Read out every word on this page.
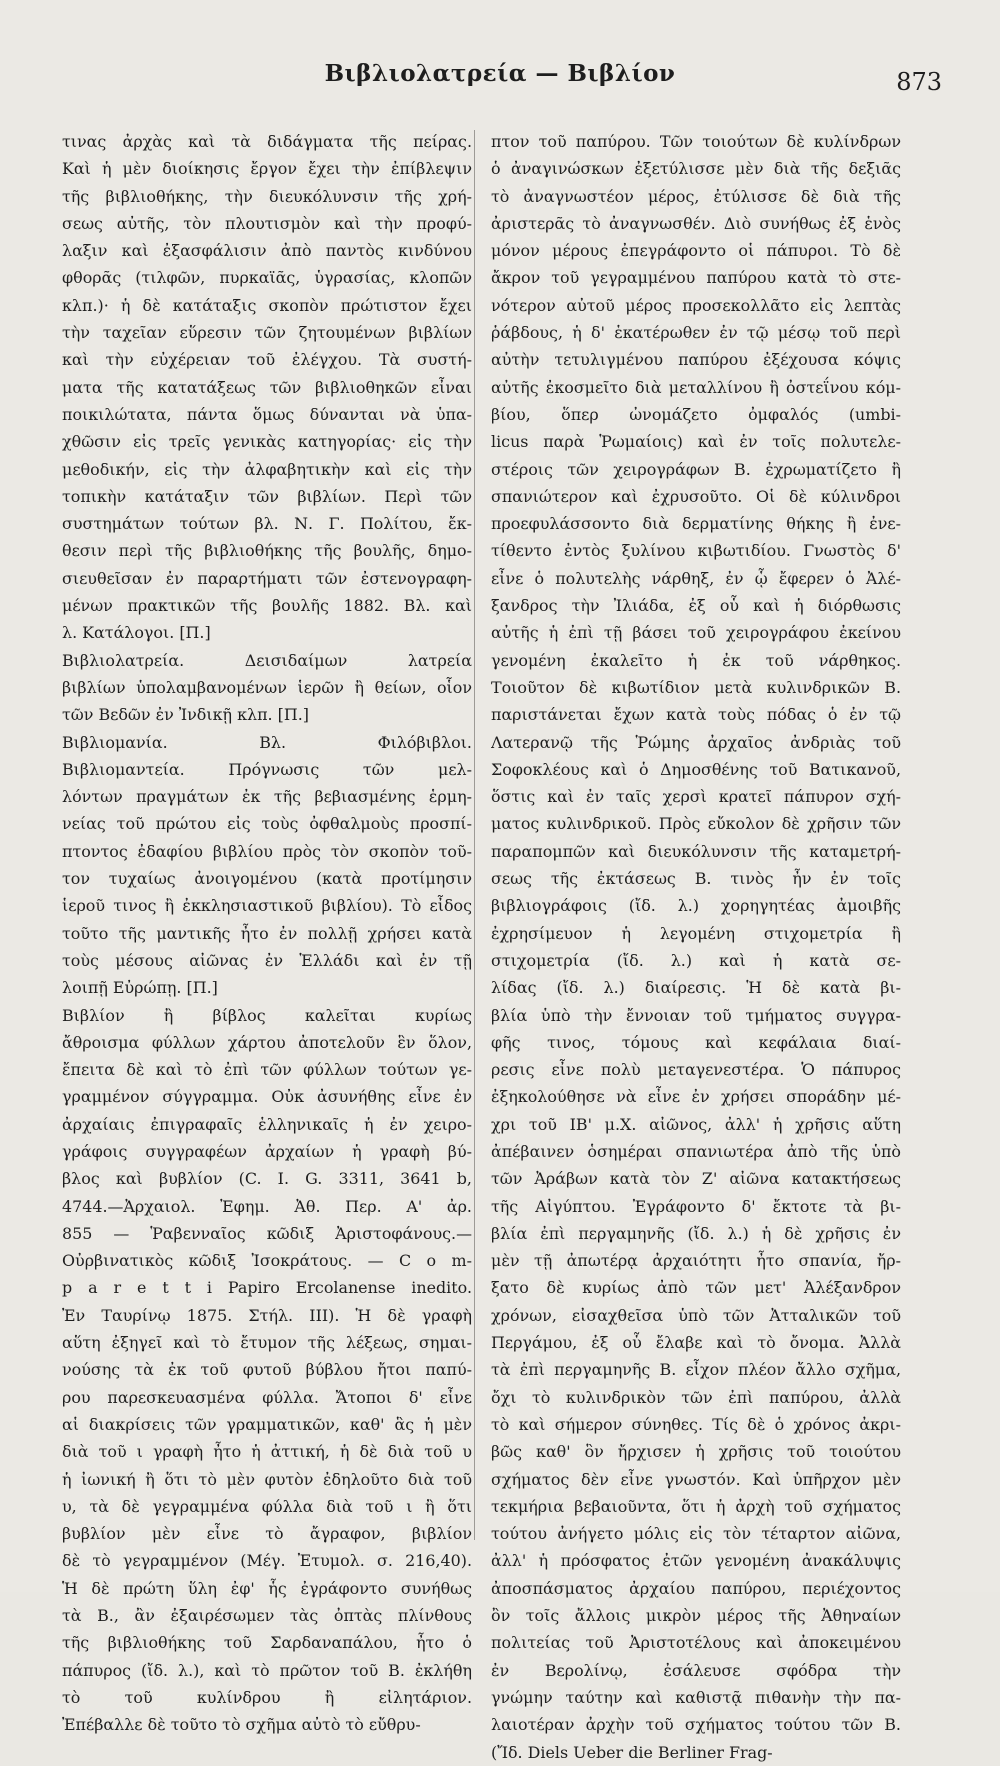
Βιβλιολατρεία — Βιβλίον	873
τινας ἀρχὰς καὶ τὰ διδάγματα τῆς πείρας.
Καὶ ἡ μὲν διοίκησις ἔργον ἔχει τὴν ἐπίβλεψιν
τῆς βιβλιοθήκης, τὴν διευκόλυνσιν τῆς χρή-
σεως αὐτῆς, τὸν πλουτισμὸν καὶ τὴν προφύ-
λαξιν καὶ ἐξασφάλισιν ἀπὸ παντὸς κινδύνου
φθορᾶς (τιλφῶν, πυρκαϊᾶς, ὑγρασίας, κλοπῶν
κλπ.)· ἡ δὲ κατάταξις σκοπὸν πρώτιστον ἔχει
τὴν ταχεῖαν εὕρεσιν τῶν ζητουμένων βιβλίων
καὶ τὴν εὐχέρειαν τοῦ ἐλέγχου. Τὰ συστή-
ματα τῆς κατατάξεως τῶν βιβλιοθηκῶν εἶναι
ποικιλώτατα, πάντα ὅμως δύνανται νὰ ὑπα-
χθῶσιν εἰς τρεῖς γενικὰς κατηγορίας· εἰς τὴν
μεθοδικήν, εἰς τὴν ἀλφαβητικὴν καὶ εἰς τὴν
τοπικὴν κατάταξιν τῶν βιβλίων. Περὶ τῶν
συστημάτων τούτων βλ. Ν. Γ. Πολίτου, ἔκ-
θεσιν περὶ τῆς βιβλιοθήκης τῆς βουλῆς, δημο-
σιευθεῖσαν ἐν παραρτήματι τῶν ἐστενογραφη-
μένων πρακτικῶν τῆς βουλῆς 1882. Βλ. καὶ
λ. Κατάλογοι. [Π.]
Βιβλιολατρεία. Δεισιδαίμων λατρεία
βιβλίων ὑπολαμβανομένων ἱερῶν ἢ θείων, οἷον
τῶν Βεδῶν ἐν Ἰνδικῇ κλπ. [Π.]
Βιβλιομανία. Βλ. Φιλόβιβλοι.
Βιβλιομαντεία. Πρόγνωσις τῶν μελ-
λόντων πραγμάτων ἐκ τῆς βεβιασμένης ἑρμη-
νείας τοῦ πρώτου εἰς τοὺς ὀφθαλμοὺς προσπί-
πτοντος ἐδαφίου βιβλίου πρὸς τὸν σκοπὸν τοῦ-
τον τυχαίως ἀνοιγομένου (κατὰ προτίμησιν
ἱεροῦ τινος ἢ ἐκκλησιαστικοῦ βιβλίου). Τὸ εἶδος
τοῦτο τῆς μαντικῆς ἦτο ἐν πολλῇ χρήσει κατὰ
τοὺς μέσους αἰῶνας ἐν Ἑλλάδι καὶ ἐν τῇ
λοιπῇ Εὐρώπῃ. [Π.]
Βιβλίον ἢ βίβλος καλεῖται κυρίως
ἄθροισμα φύλλων χάρτου ἀποτελοῦν ἓν ὅλον,
ἔπειτα δὲ καὶ τὸ ἐπὶ τῶν φύλλων τούτων γε-
γραμμένον σύγγραμμα. Οὐκ ἀσυνήθης εἶνε ἐν
ἀρχαίαις ἐπιγραφαῖς ἑλληνικαῖς ἡ ἐν χειρο-
γράφοις συγγραφέων ἀρχαίων ἡ γραφὴ βύ-
βλος καὶ βυβλίον (C. I. G. 3311, 3641 b,
4744.—Ἀρχαιολ. Ἐφημ. Ἀθ. Περ. Α' ἀρ.
855 — Ῥαβενναῖος κῶδιξ Ἀριστοφάνους.—
Οὐρβινατικὸς κῶδιξ Ἰσοκράτους. — C o m-
p a r e t t i Papiro Ercolanense inedito.
Ἐν Ταυρίνῳ 1875. Στήλ. ΙΙΙ). Ἡ δὲ γραφὴ
αὕτη ἐξηγεῖ καὶ τὸ ἔτυμον τῆς λέξεως, σημαι-
νούσης τὰ ἐκ τοῦ φυτοῦ βύβλου ἤτοι παπύ-
ρου παρεσκευασμένα φύλλα. Ἄτοποι δ' εἶνε
αἱ διακρίσεις τῶν γραμματικῶν, καθ' ἃς ἡ μὲν
διὰ τοῦ ι γραφὴ ἦτο ἡ ἀττική, ἡ δὲ διὰ τοῦ υ
ἡ ἰωνική ἢ ὅτι τὸ μὲν φυτὸν ἐδηλοῦτο διὰ τοῦ
υ, τὰ δὲ γεγραμμένα φύλλα διὰ τοῦ ι ἢ ὅτι
βυβλίον μὲν εἶνε τὸ ἄγραφον, βιβλίον
δὲ τὸ γεγραμμένον (Μέγ. Ἐτυμολ. σ. 216,40).
Ἡ δὲ πρώτη ὕλη ἐφ' ἧς ἐγράφοντο συνήθως
τὰ Β., ἂν ἐξαιρέσωμεν τὰς ὀπτὰς πλίνθους
τῆς βιβλιοθήκης τοῦ Σαρδαναπάλου, ἦτο ὁ
πάπυρος (ἴδ. λ.), καὶ τὸ πρῶτον τοῦ Β. ἐκλήθη
τὸ τοῦ κυλίνδρου ἢ εἰλητάριον.
Ἐπέβαλλε δὲ τοῦτο τὸ σχῆμα αὐτὸ τὸ εὔθρυ-
πτον τοῦ παπύρου. Τῶν τοιούτων δὲ κυλίνδρων
ὁ ἀναγινώσκων ἐξετύλισσε μὲν διὰ τῆς δεξιᾶς
τὸ ἀναγνωστέον μέρος, ἐτύλισσε δὲ διὰ τῆς
ἀριστερᾶς τὸ ἀναγνωσθέν. Διὸ συνήθως ἐξ ἑνὸς
μόνον μέρους ἐπεγράφοντο οἱ πάπυροι. Τὸ δὲ
ἄκρον τοῦ γεγραμμένου παπύρου κατὰ τὸ στε-
νότερον αὐτοῦ μέρος προσεκολλᾶτο εἰς λεπτὰς
ῥάβδους, ἡ δ' ἑκατέρωθεν ἐν τῷ μέσῳ τοῦ περὶ
αὐτὴν τετυλιγμένου παπύρου ἐξέχουσα κόψις
αὐτῆς ἐκοσμεῖτο διὰ μεταλλίνου ἢ ὀστεΐνου κόμ-
βίου, ὅπερ ὠνομάζετο ὀμφαλός (umbi-
licus παρὰ Ῥωμαίοις) καὶ ἐν τοῖς πολυτελε-
στέροις τῶν χειρογράφων Β. ἐχρωματίζετο ἢ
σπανιώτερον καὶ ἐχρυσοῦτο. Οἱ δὲ κύλινδροι
προεφυλάσσοντο διὰ δερματίνης θήκης ἢ ἐνε-
τίθεντο ἐντὸς ξυλίνου κιβωτιδίου. Γνωστὸς δ'
εἶνε ὁ πολυτελὴς νάρθηξ, ἐν ᾧ ἔφερεν ὁ Ἀλέ-
ξανδρος τὴν Ἰλιάδα, ἐξ οὗ καὶ ἡ διόρθωσις
αὐτῆς ἡ ἐπὶ τῇ βάσει τοῦ χειρογράφου ἐκείνου
γενομένη ἐκαλεῖτο ἡ ἐκ τοῦ νάρθηκος.
Τοιοῦτον δὲ κιβωτίδιον μετὰ κυλινδρικῶν Β.
παριστάνεται ἔχων κατὰ τοὺς πόδας ὁ ἐν τῷ
Λατερανῷ τῆς Ῥώμης ἀρχαῖος ἀνδριὰς τοῦ
Σοφοκλέους καὶ ὁ Δημοσθένης τοῦ Βατικανοῦ,
ὅστις καὶ ἐν ταῖς χερσὶ κρατεῖ πάπυρον σχή-
ματος κυλινδρικοῦ. Πρὸς εὔκολον δὲ χρῆσιν τῶν
παραπομπῶν καὶ διευκόλυνσιν τῆς καταμετρή-
σεως τῆς ἐκτάσεως Β. τινὸς ἦν ἐν τοῖς
βιβλιογράφοις (ἴδ. λ.) χορηγητέας ἀμοιβῆς
ἐχρησίμευον ἡ λεγομένη στιχομετρία ἢ
στιχομετρία (ἴδ. λ.) καὶ ἡ κατὰ σε-
λίδας (ἴδ. λ.) διαίρεσις. Ἡ δὲ κατὰ βι-
βλία ὑπὸ τὴν ἔννοιαν τοῦ τμήματος συγγρα-
φῆς τινος, τόμους καὶ κεφάλαια διαί-
ρεσις εἶνε πολὺ μεταγενεστέρα. Ὁ πάπυρος
ἐξηκολούθησε νὰ εἶνε ἐν χρήσει σποράδην μέ-
χρι τοῦ ΙΒ' μ.Χ. αἰῶνος, ἀλλ' ἡ χρῆσις αὕτη
ἀπέβαινεν ὁσημέραι σπανιωτέρα ἀπὸ τῆς ὑπὸ
τῶν Ἀράβων κατὰ τὸν Ζ' αἰῶνα κατακτήσεως
τῆς Αἰγύπτου. Ἐγράφοντο δ' ἔκτοτε τὰ βι-
βλία ἐπὶ περγαμηνῆς (ἴδ. λ.) ἡ δὲ χρῆσις ἐν
μὲν τῇ ἀπωτέρᾳ ἀρχαιότητι ἦτο σπανία, ἤρ-
ξατο δὲ κυρίως ἀπὸ τῶν μετ' Ἀλέξανδρον
χρόνων, εἰσαχθεῖσα ὑπὸ τῶν Ἀτταλικῶν τοῦ
Περγάμου, ἐξ οὗ ἔλαβε καὶ τὸ ὄνομα. Ἀλλὰ
τὰ ἐπὶ περγαμηνῆς Β. εἶχον πλέον ἄλλο σχῆμα,
ὄχι τὸ κυλινδρικὸν τῶν ἐπὶ παπύρου, ἀλλὰ
τὸ καὶ σήμερον σύνηθες. Τίς δὲ ὁ χρόνος ἀκρι-
βῶς καθ' ὃν ἤρχισεν ἡ χρῆσις τοῦ τοιούτου
σχήματος δὲν εἶνε γνωστόν. Καὶ ὑπῆρχον μὲν
τεκμήρια βεβαιοῦντα, ὅτι ἡ ἀρχὴ τοῦ σχήματος
τούτου ἀνήγετο μόλις εἰς τὸν τέταρτον αἰῶνα,
ἀλλ' ἡ πρόσφατος ἐτῶν γενομένη ἀνακάλυψις
ἀποσπάσματος ἀρχαίου παπύρου, περιέχοντος
ὂν τοῖς ἄλλοις μικρὸν μέρος τῆς Ἀθηναίων
πολιτείας τοῦ Ἀριστοτέλους καὶ ἀποκειμένου
ἐν Βερολίνῳ, ἐσάλευσε σφόδρα τὴν
γνώμην ταύτην καὶ καθιστᾷ πιθανὴν τὴν πα-
λαιοτέραν ἀρχὴν τοῦ σχήματος τούτου τῶν Β.
(Ἴδ. Diels Ueber die Berliner Frag-
